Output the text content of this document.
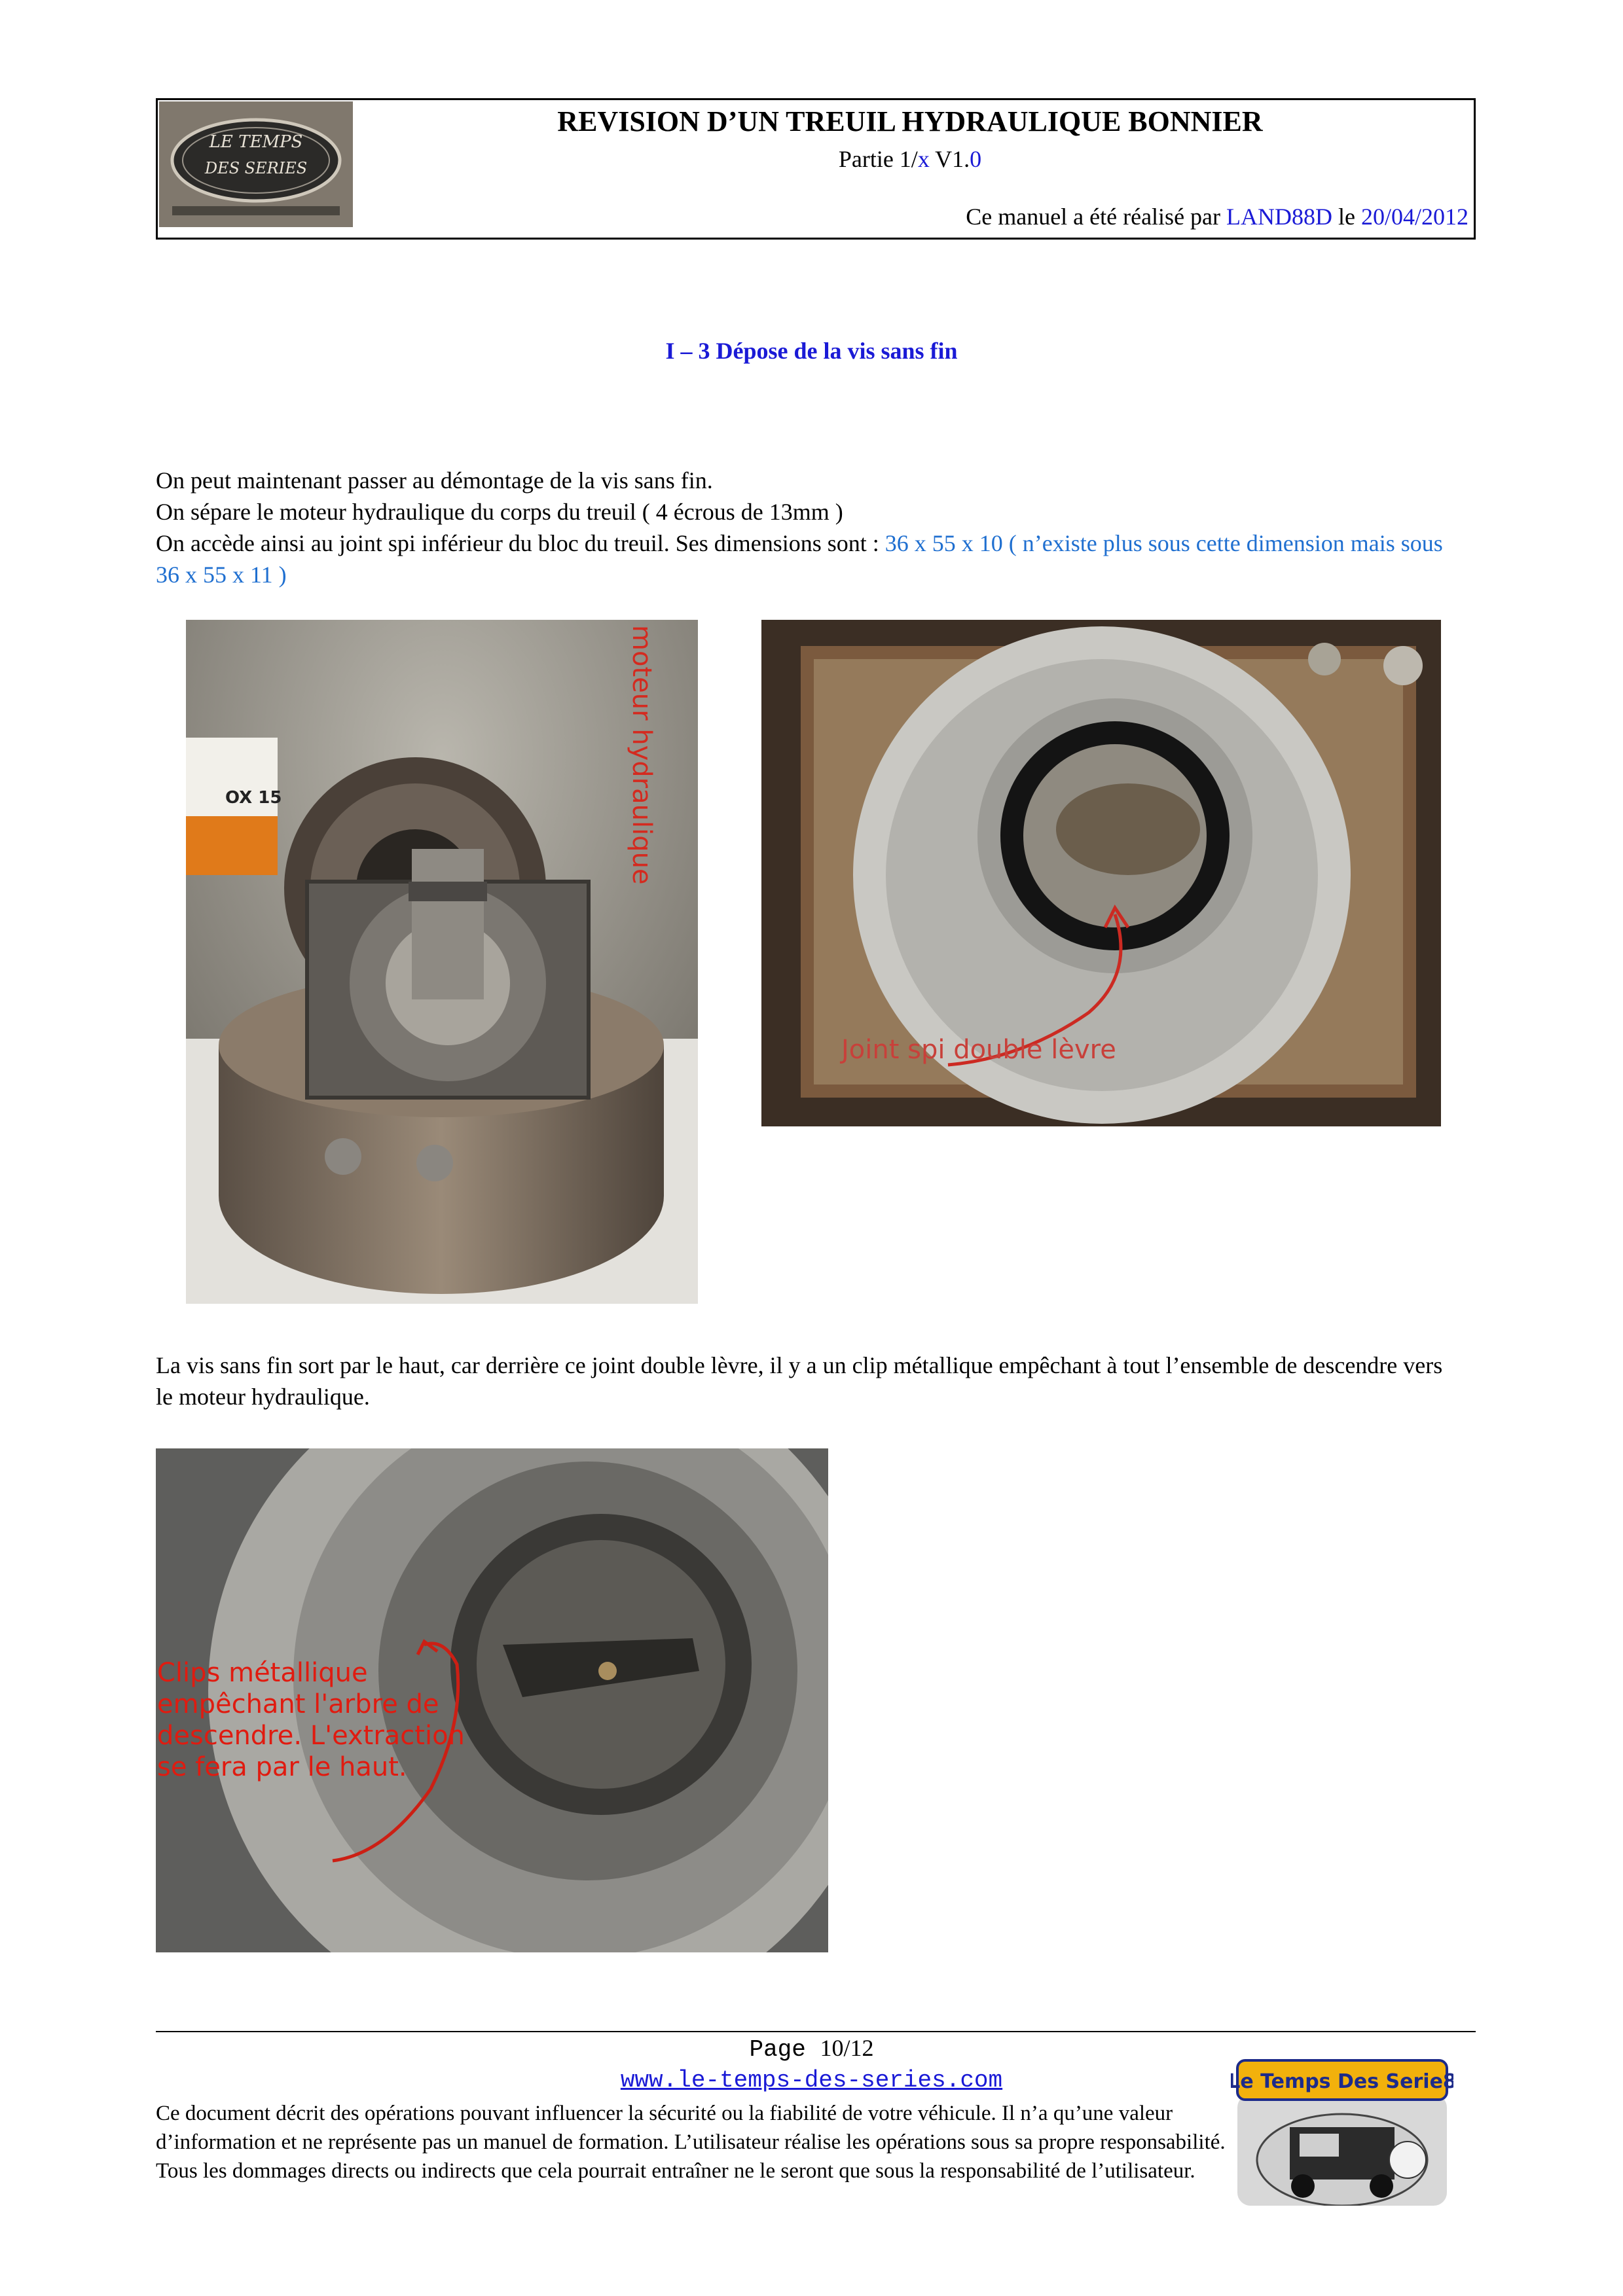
LE TEMPS
DES SERIES
REVISION D’UN TREUIL HYDRAULIQUE BONNIER
Partie 1/x V1.0
Ce manuel a été réalisé par LAND88D le 20/04/2012
I – 3 Dépose de la vis sans fin
On peut maintenant passer au démontage de la vis sans fin.
On sépare le moteur hydraulique du corps du treuil ( 4 écrous de 13mm )
On accède ainsi au joint spi inférieur du bloc du treuil. Ses dimensions sont : 36 x 55 x 10 ( n’existe plus sous cette dimension mais sous 36 x 55 x 11 )
OX 15	moteur hydraulique
Joint spi double lèvre
La vis sans fin sort par le haut, car derrière ce joint double lèvre, il y a un clip métallique empêchant à tout l’ensemble de descendre vers le moteur hydraulique.
Clips métallique empêchant l'arbre de descendre. L'extraction se fera par le haut.
Page 10/12
www.le-temps-des-series.com
Ce document décrit des opérations pouvant influencer la sécurité ou la fiabilité de votre véhicule. Il n’a qu’une valeur d’information et ne représente pas un manuel de formation. L’utilisateur réalise les opérations sous sa propre responsabilité. Tous les dommages directs ou indirects que cela pourrait entraîner ne le seront que sous la responsabilité de l’utilisateur.
Le Temps Des Serie8
